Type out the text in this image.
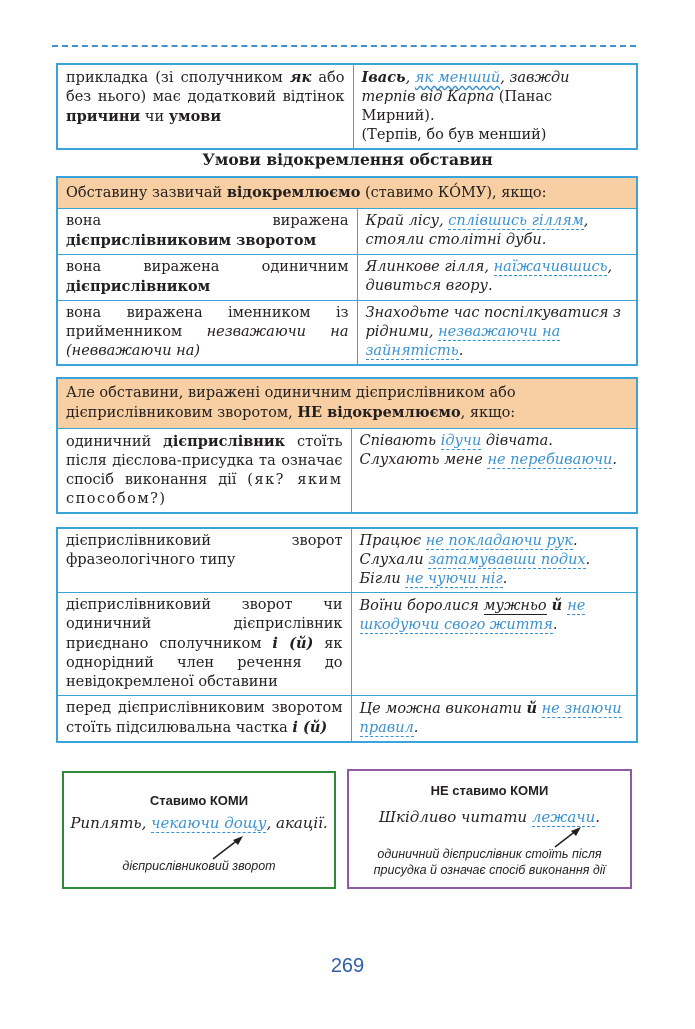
прикладка (зі сполучником як або без нього) має додатковий відтінок причини чи умови	Івась, як менший, завжди терпів від Карпа (Панас Мирний).
(Терпів, бо був менший)
Умови відокремлення обставин
Обставину зазвичай відокремлюємо (ставимо КО́МУ), якщо:	
вона виражена дієприслівниковим зворотом	Край лісу, сплівшись гіллям, стояли столітні дуби.
вона виражена одиничним дієприслівником	Ялинкове гілля, наїжачившись, дивиться вгору.
вона виражена іменником із прийменником незважаючи на (невважаючи на)	Знаходьте час поспілкуватися з рідними, незважаючи на зайнятість.
Але обставини, виражені одиничним дієприслівником або дієприслівниковим зворотом, НЕ відокремлюємо, якщо:
одиничний дієприслівник стоїть після дієслова-присудка та означає спосіб виконання дії (як? яким способом?)	Співають ідучи дівчата.
Слухають мене не перебиваючи.
дієприслівниковий зворот фразеологічного типу	Працює не покладаючи рук.
Слухали затамувавши подих.
Бігли не чуючи ніг.
дієприслівниковий зворот чи одиничний дієприслівник приєднано сполучником і (й) як однорідний член речення до невідокремленої обставини	Воїни боролися мужньо й не шкодуючи свого життя.
перед дієприслівниковим зворотом стоїть підсилювальна частка і (й)	Це можна виконати й не знаючи правил.
Ставимо КОМИ
Риплять, чекаючи дощу, акації.
дієприслівниковий зворот
НЕ ставимо КОМИ
Шкідливо читати лежачи.
одиничний дієприслівник стоїть після присудка й означає спосіб виконання дії
269
